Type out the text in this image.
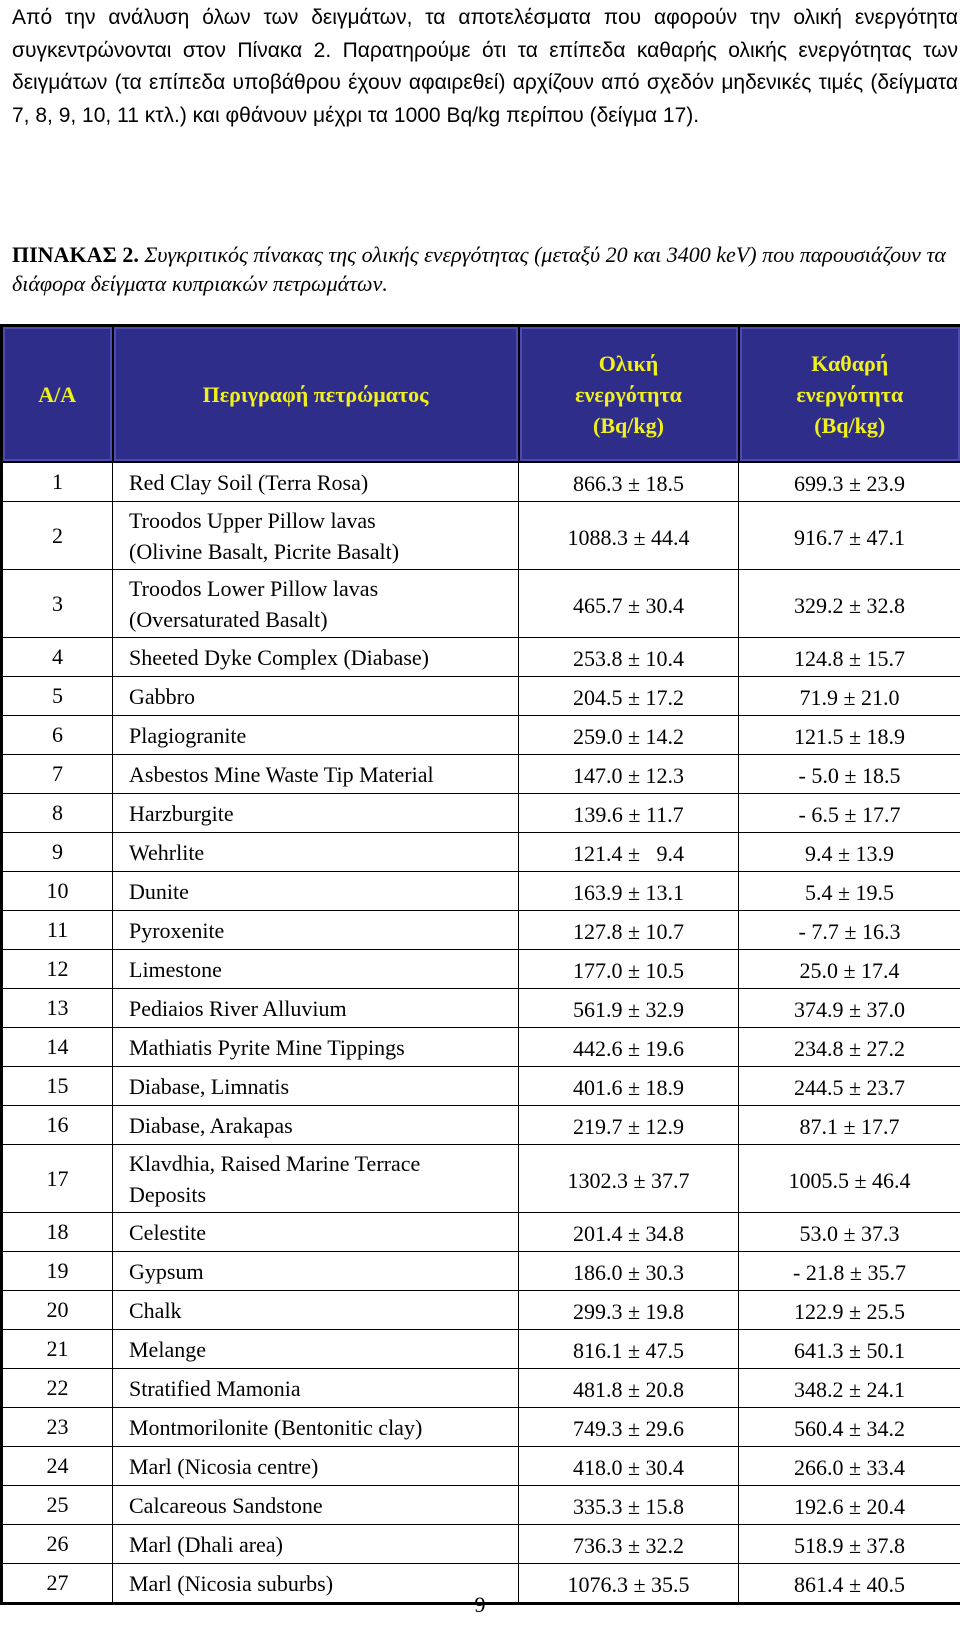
Από την ανάλυση όλων των δειγμάτων, τα αποτελέσματα που αφορούν την ολική ενεργότητα συγκεντρώνονται στον Πίνακα 2. Παρατηρούμε ότι τα επίπεδα καθαρής ολικής ενεργότητας των δειγμάτων (τα επίπεδα υποβάθρου έχουν αφαιρεθεί) αρχίζουν από σχεδόν μηδενικές τιμές (δείγματα 7, 8, 9, 10, 11 κτλ.) και φθάνουν μέχρι τα 1000 Bq/kg περίπου (δείγμα 17).

ΠΙΝΑΚΑΣ 2. Συγκριτικός πίνακας της ολικής ενεργότητας (μεταξύ 20 και 3400 keV) που παρουσιάζουν τα διάφορα δείγματα κυπριακών πετρωμάτων.

Α/Α	Περιγραφή πετρώματος	Ολική
ενεργότητα
(Bq/kg)	Καθαρή
ενεργότητα
(Bq/kg)
1	Red Clay Soil (Terra Rosa)	866.3 ± 18.5	699.3 ± 23.9
2	Troodos Upper Pillow lavas
(Olivine Basalt, Picrite Basalt)	1088.3 ± 44.4	916.7 ± 47.1
3	Troodos Lower Pillow lavas
(Oversaturated Basalt)	465.7 ± 30.4	329.2 ± 32.8
4	Sheeted Dyke Complex (Diabase)	253.8 ± 10.4	124.8 ± 15.7
5	Gabbro	204.5 ± 17.2	71.9 ± 21.0
6	Plagiogranite	259.0 ± 14.2	121.5 ± 18.9
7	Asbestos Mine Waste Tip Material	147.0 ± 12.3	- 5.0 ± 18.5
8	Harzburgite	139.6 ± 11.7	- 6.5 ± 17.7
9	Wehrlite	121.4 ±   9.4	9.4 ± 13.9
10	Dunite	163.9 ± 13.1	5.4 ± 19.5
11	Pyroxenite	127.8 ± 10.7	- 7.7 ± 16.3
12	Limestone	177.0 ± 10.5	25.0 ± 17.4
13	Pediaios River Alluvium	561.9 ± 32.9	374.9 ± 37.0
14	Mathiatis Pyrite Mine Tippings	442.6 ± 19.6	234.8 ± 27.2
15	Diabase, Limnatis	401.6 ± 18.9	244.5 ± 23.7
16	Diabase, Arakapas	219.7 ± 12.9	87.1 ± 17.7
17	Klavdhia, Raised Marine Terrace
Deposits	1302.3 ± 37.7	1005.5 ± 46.4
18	Celestite	201.4 ± 34.8	53.0 ± 37.3
19	Gypsum	186.0 ± 30.3	- 21.8 ± 35.7
20	Chalk	299.3 ± 19.8	122.9 ± 25.5
21	Melange	816.1 ± 47.5	641.3 ± 50.1
22	Stratified Mamonia	481.8 ± 20.8	348.2 ± 24.1
23	Montmorilonite (Bentonitic clay)	749.3 ± 29.6	560.4 ± 34.2
24	Marl (Nicosia centre)	418.0 ± 30.4	266.0 ± 33.4
25	Calcareous Sandstone	335.3 ± 15.8	192.6 ± 20.4
26	Marl (Dhali area)	736.3 ± 32.2	518.9 ± 37.8
27	Marl (Nicosia suburbs)	1076.3 ± 35.5	861.4 ± 40.5
9
